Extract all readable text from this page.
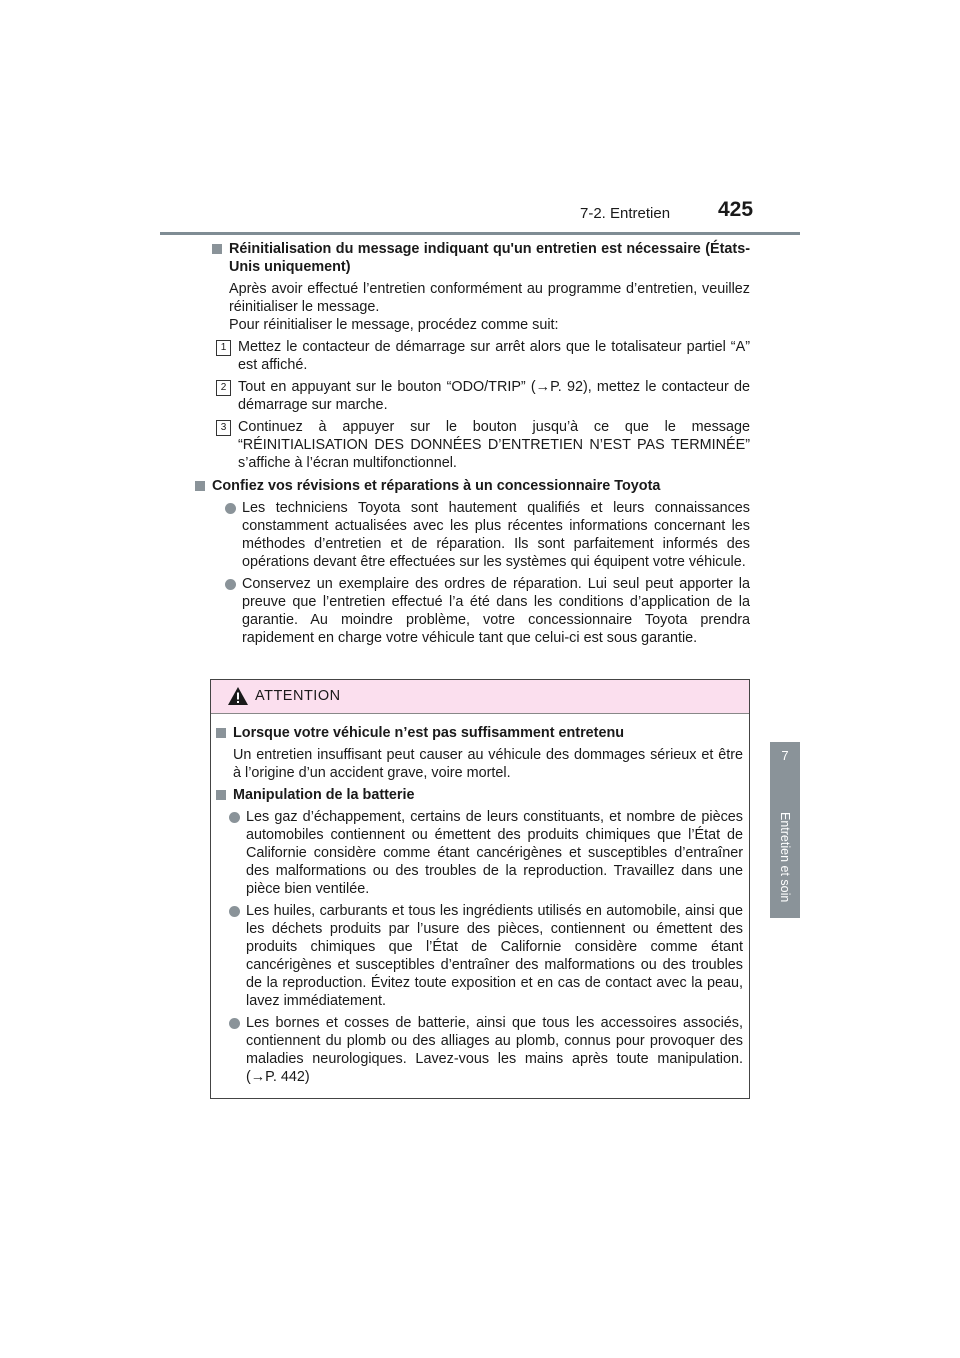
7-2. Entretien 425
7
Entretien et soin

Réinitialisation du message indiquant qu'un entretien est nécessaire (États-Unis uniquement)

Après avoir effectué l’entretien conformément au programme d’entretien, veuillez réinitialiser le message.

Pour réinitialiser le message, procédez comme suit:

1 Mettez le contacteur de démarrage sur arrêt alors que le totalisateur partiel “A” est affiché.

2 Tout en appuyant sur le bouton “ODO/TRIP” (→P. 92), mettez le contacteur de démarrage sur marche.

3 Continuez à appuyer sur le bouton jusqu’à ce que le message “RÉINITIALISATION DES DONNÉES D’ENTRETIEN N’EST PAS TERMINÉE” s’affiche à l’écran multifonctionnel.

Confiez vos révisions et réparations à un concessionnaire Toyota

Les techniciens Toyota sont hautement qualifiés et leurs connaissances constamment actualisées avec les plus récentes informations concernant les méthodes d’entretien et de réparation. Ils sont parfaitement informés des opérations devant être effectuées sur les systèmes qui équipent votre véhicule.

Conservez un exemplaire des ordres de réparation. Lui seul peut apporter la preuve que l’entretien effectué l’a été dans les conditions d’application de la garantie. Au moindre problème, votre concessionnaire Toyota prendra rapidement en charge votre véhicule tant que celui-ci est sous garantie.

ATTENTION

Lorsque votre véhicule n’est pas suffisamment entretenu

Un entretien insuffisant peut causer au véhicule des dommages sérieux et être à l’origine d’un accident grave, voire mortel.

Manipulation de la batterie

Les gaz d’échappement, certains de leurs constituants, et nombre de pièces automobiles contiennent ou émettent des produits chimiques que l’État de Californie considère comme étant cancérigènes et susceptibles d’entraîner des malformations ou des troubles de la reproduction. Travaillez dans une pièce bien ventilée.

Les huiles, carburants et tous les ingrédients utilisés en automobile, ainsi que les déchets produits par l’usure des pièces, contiennent ou émettent des produits chimiques que l’État de Californie considère comme étant cancérigènes et susceptibles d’entraîner des malformations ou des troubles de la reproduction. Évitez toute exposition et en cas de contact avec la peau, lavez immédiatement.

Les bornes et cosses de batterie, ainsi que tous les accessoires associés, contiennent du plomb ou des alliages au plomb, connus pour provoquer des maladies neurologiques. Lavez-vous les mains après toute manipulation. (→P. 442)
